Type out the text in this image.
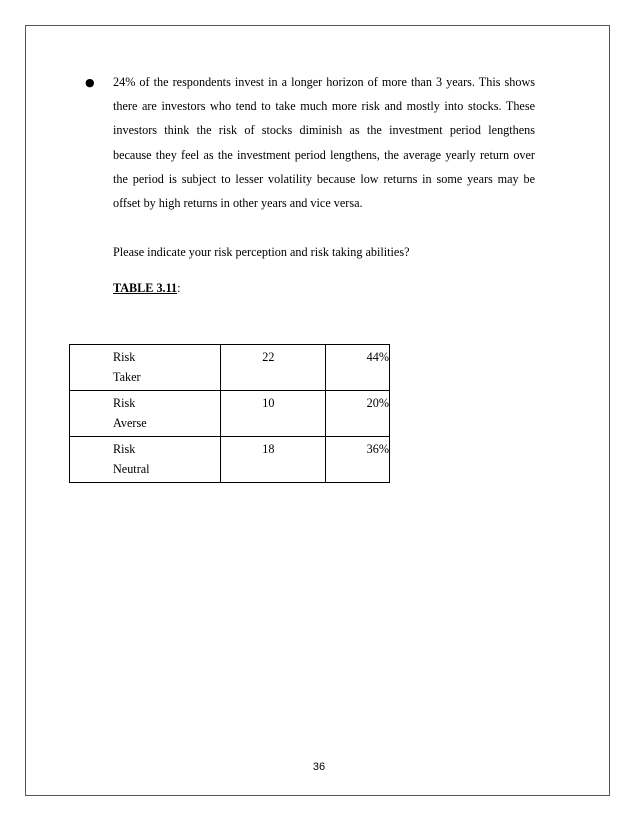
● 24% of the respondents invest in a longer horizon of more than 3 years. This shows
there are investors who tend to take much more risk and mostly into stocks. These
investors think the risk of stocks diminish as the investment period lengthens
because they feel as the investment period lengthens, the average yearly return over
the period is subject to lesser volatility because low returns in some years may be
offset by high returns in other years and vice versa.
Please indicate your risk perception and risk taking abilities?
TABLE 3.11:
Risk
Taker	22	44%

Risk
Averse	10	20%

Risk
Neutral	18	36%
36
